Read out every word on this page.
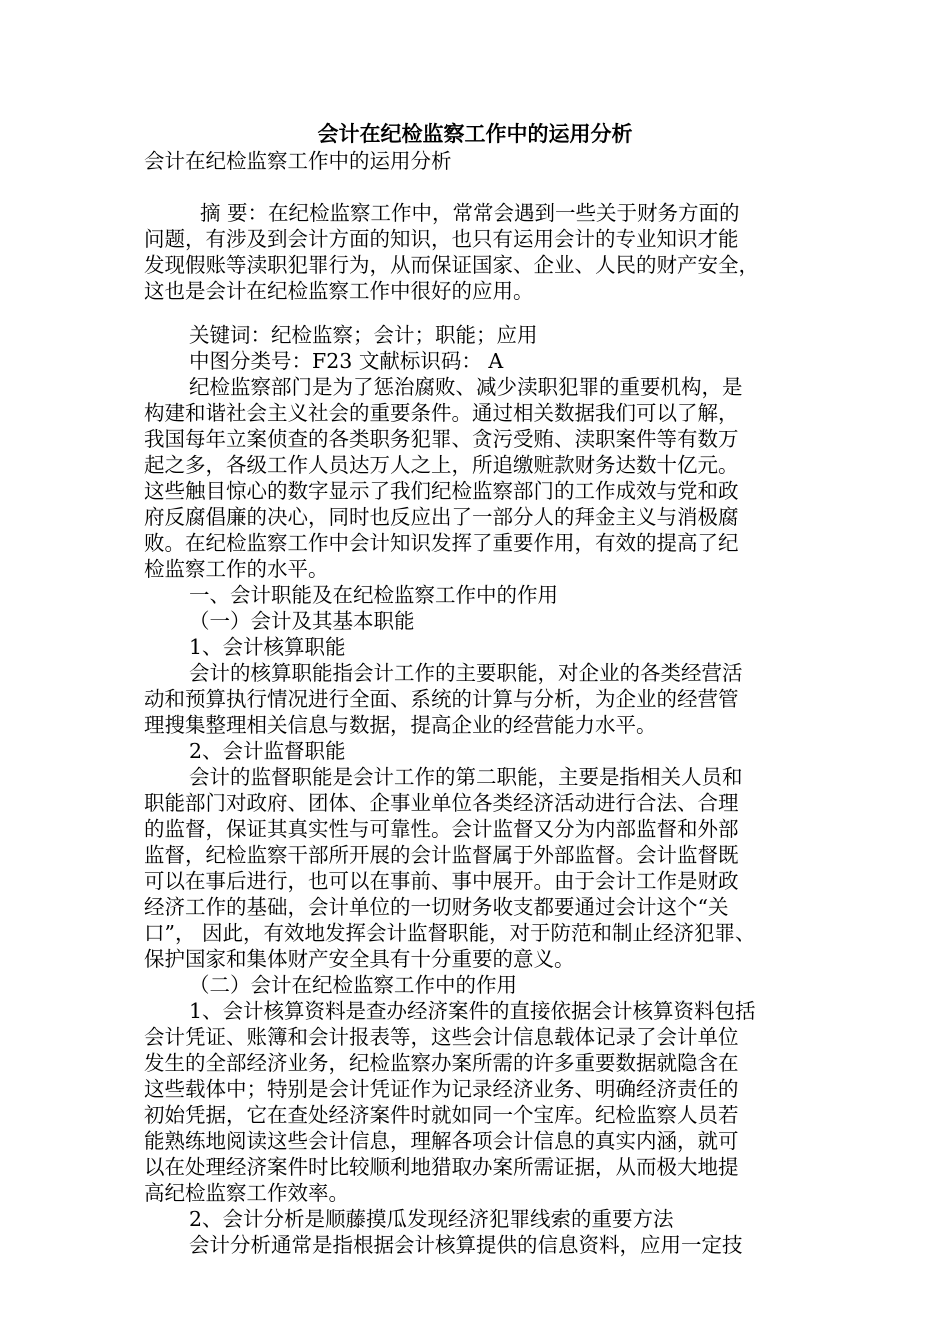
会计在纪检监察工作中的运用分析
会计在纪检监察工作中的运用分析
摘 要：在纪检监察工作中，常常会遇到一些关于财务方面的
问题，有涉及到会计方面的知识，也只有运用会计的专业知识才能
发现假账等渎职犯罪行为，从而保证国家、企业、人民的财产安全，
这也是会计在纪检监察工作中很好的应用。
关键词：纪检监察；会计；职能；应用
中图分类号：F23 文献标识码： A
纪检监察部门是为了惩治腐败、减少渎职犯罪的重要机构，是
构建和谐社会主义社会的重要条件。通过相关数据我们可以了解，
我国每年立案侦查的各类职务犯罪、贪污受贿、渎职案件等有数万
起之多，各级工作人员达万人之上，所追缴赃款财务达数十亿元。
这些触目惊心的数字显示了我们纪检监察部门的工作成效与党和政
府反腐倡廉的决心，同时也反应出了一部分人的拜金主义与消极腐
败。在纪检监察工作中会计知识发挥了重要作用，有效的提高了纪
检监察工作的水平。
一、会计职能及在纪检监察工作中的作用
（一）会计及其基本职能
1、会计核算职能
会计的核算职能指会计工作的主要职能，对企业的各类经营活
动和预算执行情况进行全面、系统的计算与分析，为企业的经营管
理搜集整理相关信息与数据，提高企业的经营能力水平。
2、会计监督职能
会计的监督职能是会计工作的第二职能，主要是指相关人员和
职能部门对政府、团体、企事业单位各类经济活动进行合法、合理
的监督，保证其真实性与可靠性。会计监督又分为内部监督和外部
监督，纪检监察干部所开展的会计监督属于外部监督。会计监督既
可以在事后进行，也可以在事前、事中展开。由于会计工作是财政
经济工作的基础，会计单位的一切财务收支都要通过会计这个“关
口”， 因此，有效地发挥会计监督职能，对于防范和制止经济犯罪、
保护国家和集体财产安全具有十分重要的意义。
（二）会计在纪检监察工作中的作用
1、会计核算资料是查办经济案件的直接依据会计核算资料包括
会计凭证、账簿和会计报表等，这些会计信息载体记录了会计单位
发生的全部经济业务，纪检监察办案所需的许多重要数据就隐含在
这些载体中；特别是会计凭证作为记录经济业务、明确经济责任的
初始凭据，它在查处经济案件时就如同一个宝库。纪检监察人员若
能熟练地阅读这些会计信息，理解各项会计信息的真实内涵，就可
以在处理经济案件时比较顺利地猎取办案所需证据，从而极大地提
高纪检监察工作效率。
2、会计分析是顺藤摸瓜发现经济犯罪线索的重要方法
会计分析通常是指根据会计核算提供的信息资料，应用一定技
